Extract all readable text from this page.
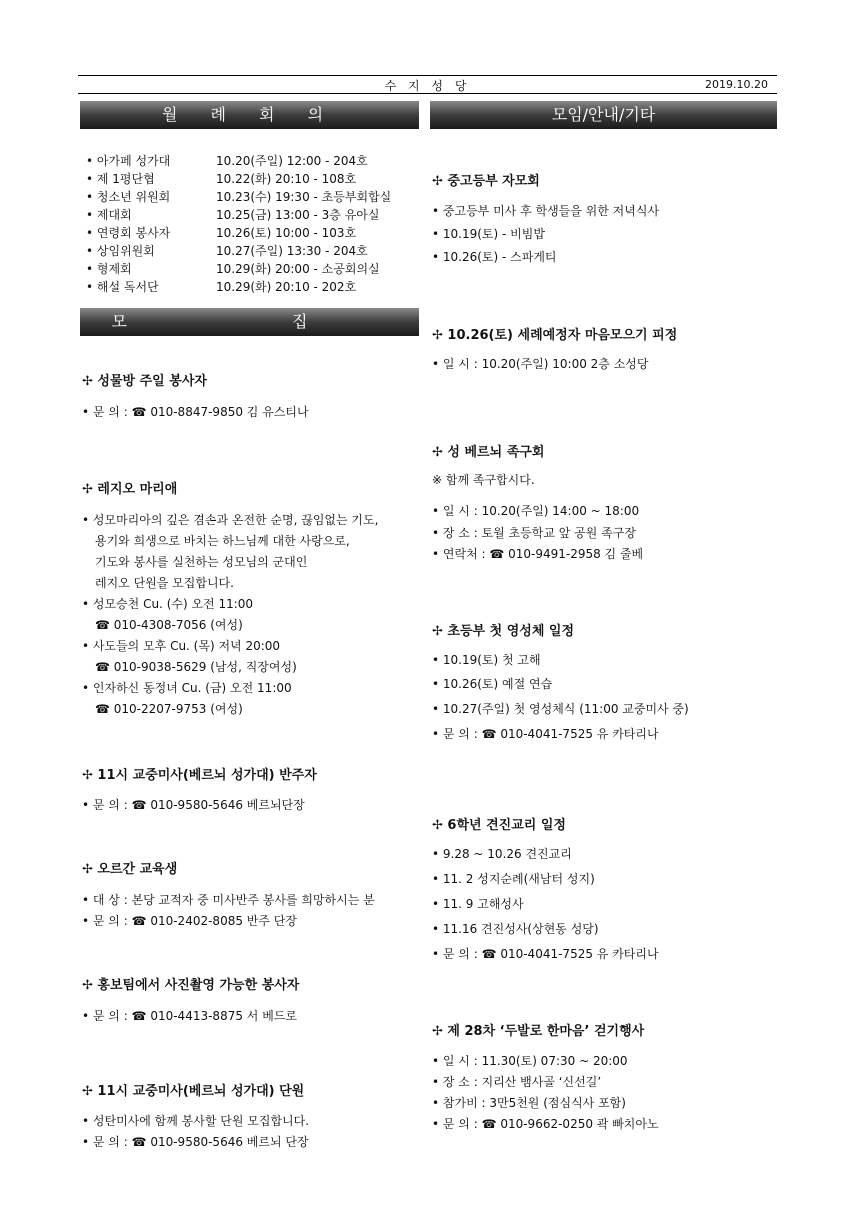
수 지 성 당	2019.10.20
월 례 회 의
• 아가페 성가대	10.20(주일) 12:00 - 204호
• 제 1평단협	10.22(화) 20:10 - 108호
• 청소년 위원회	10.23(수) 19:30 - 초등부회합실
• 제대회	10.25(금) 13:00 - 3층 유아실
• 연령회 봉사자	10.26(토) 10:00 - 103호
• 상임위원회	10.27(주일) 13:30 - 204호
• 형제회	10.29(화) 20:00 - 소공회의실
• 해설 독서단	10.29(화) 20:10 - 202호
모 집
✢ 성물방 주일 봉사자
• 문 의 : ☎ 010-8847-9850 김 유스티나
✢ 레지오 마리애
• 성모마리아의 깊은 겸손과 온전한 순명, 끊임없는 기도,
용기와 희생으로 바치는 하느님께 대한 사랑으로,
기도와 봉사를 실천하는 성모님의 군대인
레지오 단원을 모집합니다.
• 성모승천 Cu. (수) 오전 11:00
☎ 010-4308-7056 (여성)
• 사도들의 모후 Cu. (목) 저녁 20:00
☎ 010-9038-5629 (남성, 직장여성)
• 인자하신 동정녀 Cu. (금) 오전 11:00
☎ 010-2207-9753 (여성)
✢ 11시 교중미사(베르뇌 성가대) 반주자
• 문 의 : ☎ 010-9580-5646 베르뇌단장
✢ 오르간 교육생
• 대 상 : 본당 교적자 중 미사반주 봉사를 희망하시는 분
• 문 의 : ☎ 010-2402-8085 반주 단장
✢ 홍보팀에서 사진촬영 가능한 봉사자
• 문 의 : ☎ 010-4413-8875 서 베드로
✢ 11시 교중미사(베르뇌 성가대) 단원
• 성탄미사에 함께 봉사할 단원 모집합니다.
• 문 의 : ☎ 010-9580-5646 베르뇌 단장
모임/안내/기타
✢ 중고등부 자모회
• 중고등부 미사 후 학생들을 위한 저녁식사
• 10.19(토) - 비빔밥
• 10.26(토) - 스파게티
✢ 10.26(토) 세례예정자 마음모으기 피정
• 일 시 : 10.20(주일) 10:00 2층 소성당
✢ 성 베르뇌 족구회
※ 함께 족구합시다.
• 일 시 : 10.20(주일) 14:00 ~ 18:00
• 장 소 : 토월 초등학교 앞 공원 족구장
• 연락처 : ☎ 010-9491-2958 김 줄베
✢ 초등부 첫 영성체 일정
• 10.19(토) 첫 고해
• 10.26(토) 예절 연습
• 10.27(주일) 첫 영성체식 (11:00 교중미사 중)
• 문 의 : ☎ 010-4041-7525 유 카타리나
✢ 6학년 견진교리 일정
• 9.28 ~ 10.26 견진교리
• 11. 2 성지순례(새남터 성지)
• 11. 9 고해성사
• 11.16 견진성사(상현동 성당)
• 문 의 : ☎ 010-4041-7525 유 카타리나
✢ 제 28차 ‘두발로 한마음’ 걷기행사
• 일 시 : 11.30(토) 07:30 ~ 20:00
• 장 소 : 지리산 뱀사골 ‘신선길’
• 참가비 : 3만5천원 (점심식사 포함)
• 문 의 : ☎ 010-9662-0250 곽 빠치아노
